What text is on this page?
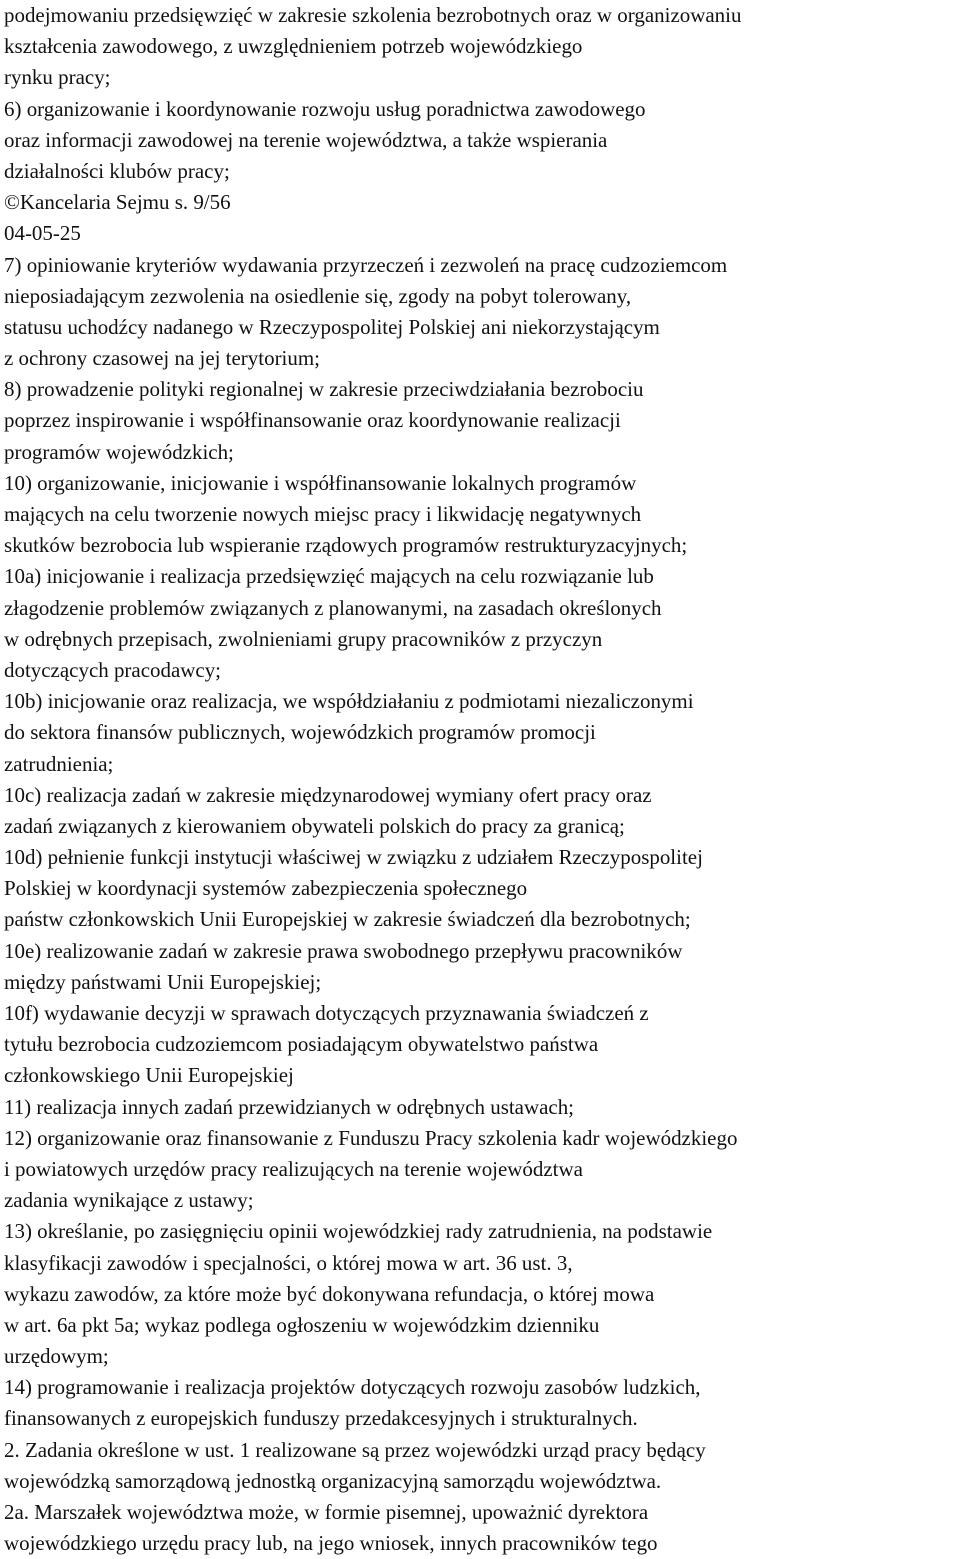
podejmowaniu przedsięwzięć w zakresie szkolenia bezrobotnych oraz w organizowaniu
kształcenia zawodowego, z uwzględnieniem potrzeb wojewódzkiego
rynku pracy;
6) organizowanie i koordynowanie rozwoju usług poradnictwa zawodowego
oraz informacji zawodowej na terenie województwa, a także wspierania
działalności klubów pracy;
©Kancelaria Sejmu s. 9/56
04-05-25
7) opiniowanie kryteriów wydawania przyrzeczeń i zezwoleń na pracę cudzoziemcom
nieposiadającym zezwolenia na osiedlenie się, zgody na pobyt tolerowany,
statusu uchodźcy nadanego w Rzeczypospolitej Polskiej ani niekorzystającym
z ochrony czasowej na jej terytorium;
8) prowadzenie polityki regionalnej w zakresie przeciwdziałania bezrobociu
poprzez inspirowanie i współfinansowanie oraz koordynowanie realizacji
programów wojewódzkich;
10) organizowanie, inicjowanie i współfinansowanie lokalnych programów
mających na celu tworzenie nowych miejsc pracy i likwidację negatywnych
skutków bezrobocia lub wspieranie rządowych programów restrukturyzacyjnych;
10a) inicjowanie i realizacja przedsięwzięć mających na celu rozwiązanie lub
złagodzenie problemów związanych z planowanymi, na zasadach określonych
w odrębnych przepisach, zwolnieniami grupy pracowników z przyczyn
dotyczących pracodawcy;
10b) inicjowanie oraz realizacja, we współdziałaniu z podmiotami niezaliczonymi
do sektora finansów publicznych, wojewódzkich programów promocji
zatrudnienia;
10c) realizacja zadań w zakresie międzynarodowej wymiany ofert pracy oraz
zadań związanych z kierowaniem obywateli polskich do pracy za granicą;
10d) pełnienie funkcji instytucji właściwej w związku z udziałem Rzeczypospolitej
Polskiej w koordynacji systemów zabezpieczenia społecznego
państw członkowskich Unii Europejskiej w zakresie świadczeń dla bezrobotnych;
10e) realizowanie zadań w zakresie prawa swobodnego przepływu pracowników
między państwami Unii Europejskiej;
10f) wydawanie decyzji w sprawach dotyczących przyznawania świadczeń z
tytułu bezrobocia cudzoziemcom posiadającym obywatelstwo państwa
członkowskiego Unii Europejskiej
11) realizacja innych zadań przewidzianych w odrębnych ustawach;
12) organizowanie oraz finansowanie z Funduszu Pracy szkolenia kadr wojewódzkiego
i powiatowych urzędów pracy realizujących na terenie województwa
zadania wynikające z ustawy;
13) określanie, po zasięgnięciu opinii wojewódzkiej rady zatrudnienia, na podstawie
klasyfikacji zawodów i specjalności, o której mowa w art. 36 ust. 3,
wykazu zawodów, za które może być dokonywana refundacja, o której mowa
w art. 6a pkt 5a; wykaz podlega ogłoszeniu w wojewódzkim dzienniku
urzędowym;
14) programowanie i realizacja projektów dotyczących rozwoju zasobów ludzkich,
finansowanych z europejskich funduszy przedakcesyjnych i strukturalnych.
2. Zadania określone w ust. 1 realizowane są przez wojewódzki urząd pracy będący
wojewódzką samorządową jednostką organizacyjną samorządu województwa.
2a. Marszałek województwa może, w formie pisemnej, upoważnić dyrektora
wojewódzkiego urzędu pracy lub, na jego wniosek, innych pracowników tego
